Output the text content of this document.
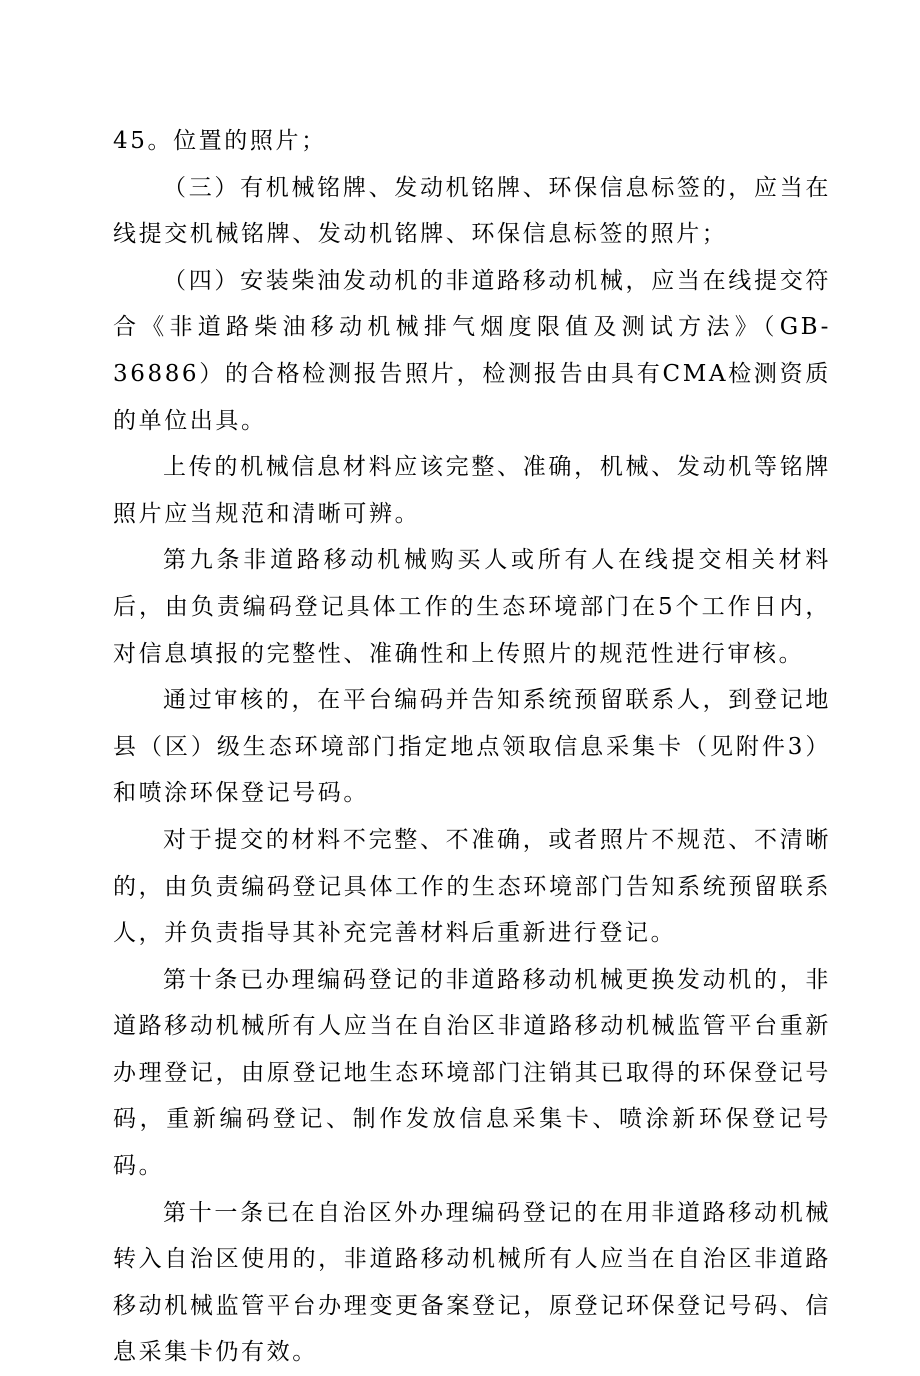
45。位置的照片；

（三）有机械铭牌、发动机铭牌、环保信息标签的，应当在线提交机械铭牌、发动机铭牌、环保信息标签的照片；

（四）安装柴油发动机的非道路移动机械，应当在线提交符合《非道路柴油移动机械排气烟度限值及测试方法》（GB-36886）的合格检测报告照片，检测报告由具有CMA检测资质的单位出具。

上传的机械信息材料应该完整、准确，机械、发动机等铭牌照片应当规范和清晰可辨。

第九条非道路移动机械购买人或所有人在线提交相关材料后，由负责编码登记具体工作的生态环境部门在5个工作日内，对信息填报的完整性、准确性和上传照片的规范性进行审核。

通过审核的，在平台编码并告知系统预留联系人，到登记地县（区）级生态环境部门指定地点领取信息采集卡（见附件3）和喷涂环保登记号码。

对于提交的材料不完整、不准确，或者照片不规范、不清晰的，由负责编码登记具体工作的生态环境部门告知系统预留联系人，并负责指导其补充完善材料后重新进行登记。

第十条已办理编码登记的非道路移动机械更换发动机的，非道路移动机械所有人应当在自治区非道路移动机械监管平台重新办理登记，由原登记地生态环境部门注销其已取得的环保登记号码，重新编码登记、制作发放信息采集卡、喷涂新环保登记号码。

第十一条已在自治区外办理编码登记的在用非道路移动机械转入自治区使用的，非道路移动机械所有人应当在自治区非道路移动机械监管平台办理变更备案登记，原登记环保登记号码、信息采集卡仍有效。
